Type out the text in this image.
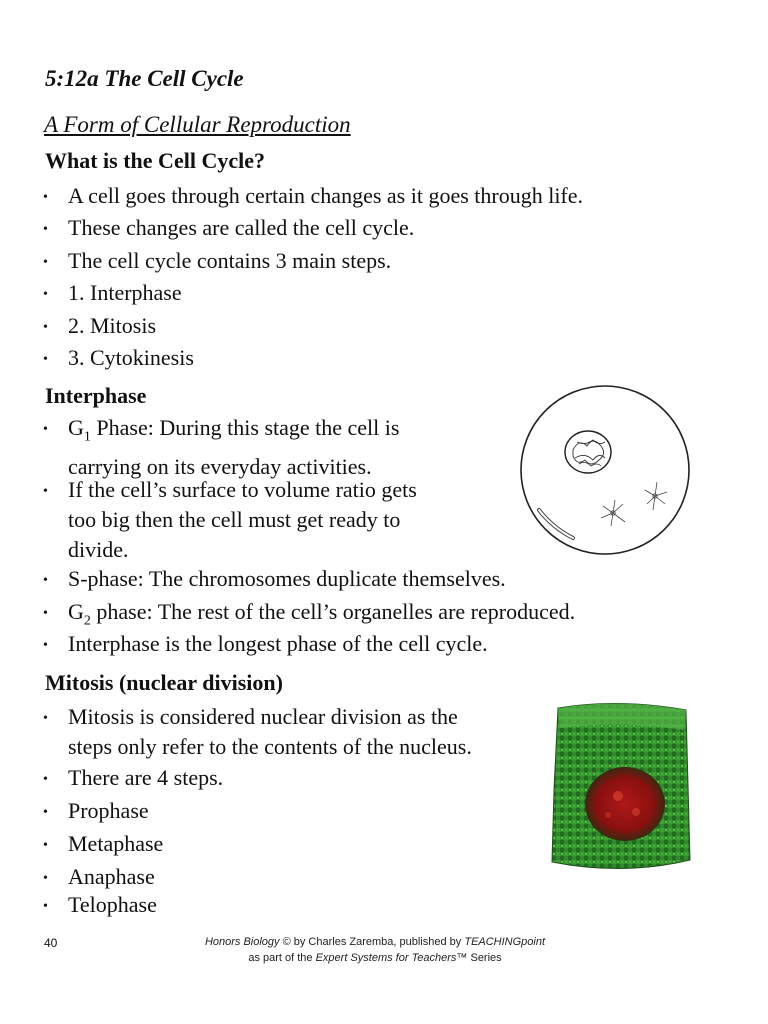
5:12a The Cell Cycle
A Form of Cellular Reproduction
What is the Cell Cycle?
• A cell goes through certain changes as it goes through life.
• These changes are called the cell cycle.
• The cell cycle contains 3 main steps.
• 1. Interphase
• 2. Mitosis
• 3. Cytokinesis
Interphase
• $G_1$ Phase: During this stage the cell is
carrying on its everyday activities.
• If the cell’s surface to volume ratio gets
too big then the cell must get ready to
divide.
• S-phase: The chromosomes duplicate themselves.
• $G_2$ phase: The rest of the cell’s organelles are reproduced.
• Interphase is the longest phase of the cell cycle.
Mitosis (nuclear division)
• Mitosis is considered nuclear division as the
steps only refer to the contents of the nucleus.
• There are 4 steps.
• Prophase
• Metaphase
• Anaphase
• Telophase
40	Honors Biology © by Charles Zaremba, published by TEACHINGpoint
as part of the Expert Systems for Teachers™ Series
